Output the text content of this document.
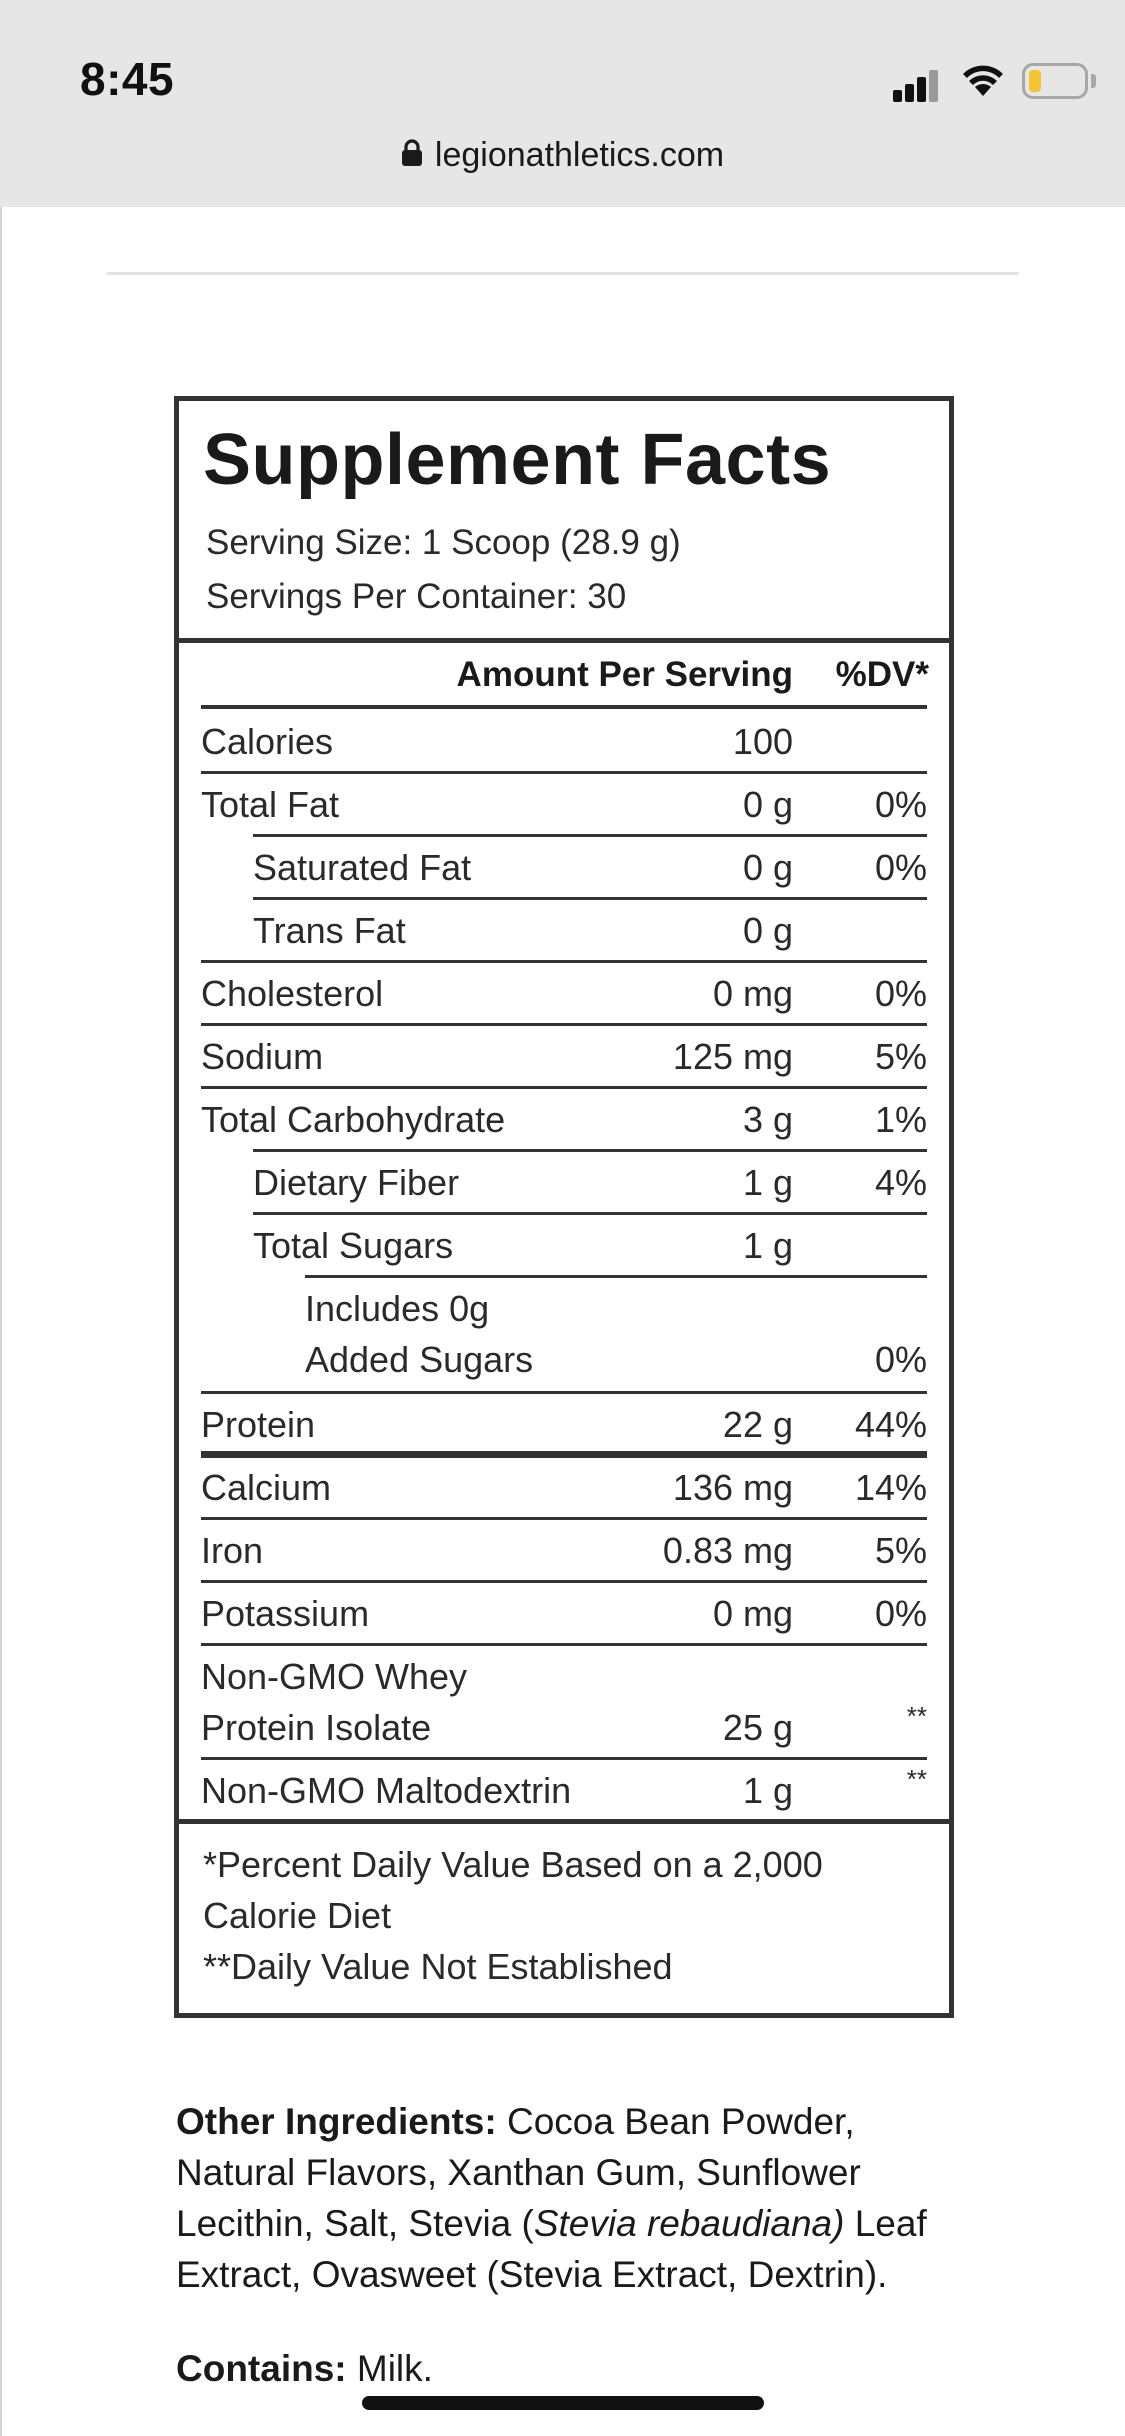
8:45
legionathletics.com
Supplement Facts
Serving Size: 1 Scoop (28.9 g)
Servings Per Container: 30
Amount Per Serving %DV*
Calories	100
Total Fat	0 g 0%
Saturated Fat	0 g 0%
Trans Fat	0 g
Cholesterol	0 mg 0%
Sodium	125 mg 5%
Total Carbohydrate	3 g 1%
Dietary Fiber	1 g 4%
Total Sugars	1 g
Includes 0g
Added Sugars	0%
Protein	22 g 44%
Calcium	136 mg 14%
Iron	0.83 mg 5%
Potassium	0 mg 0%
Non-GMO Whey
Protein Isolate	25 g	**
Non-GMO Maltodextrin	1 g	**
*Percent Daily Value Based on a 2,000
Calorie Diet
**Daily Value Not Established
Other Ingredients: Cocoa Bean Powder, Natural Flavors, Xanthan Gum, Sunflower Lecithin, Salt, Stevia (Stevia rebaudiana) Leaf Extract, Ovasweet (Stevia Extract, Dextrin).
Contains: Milk.
